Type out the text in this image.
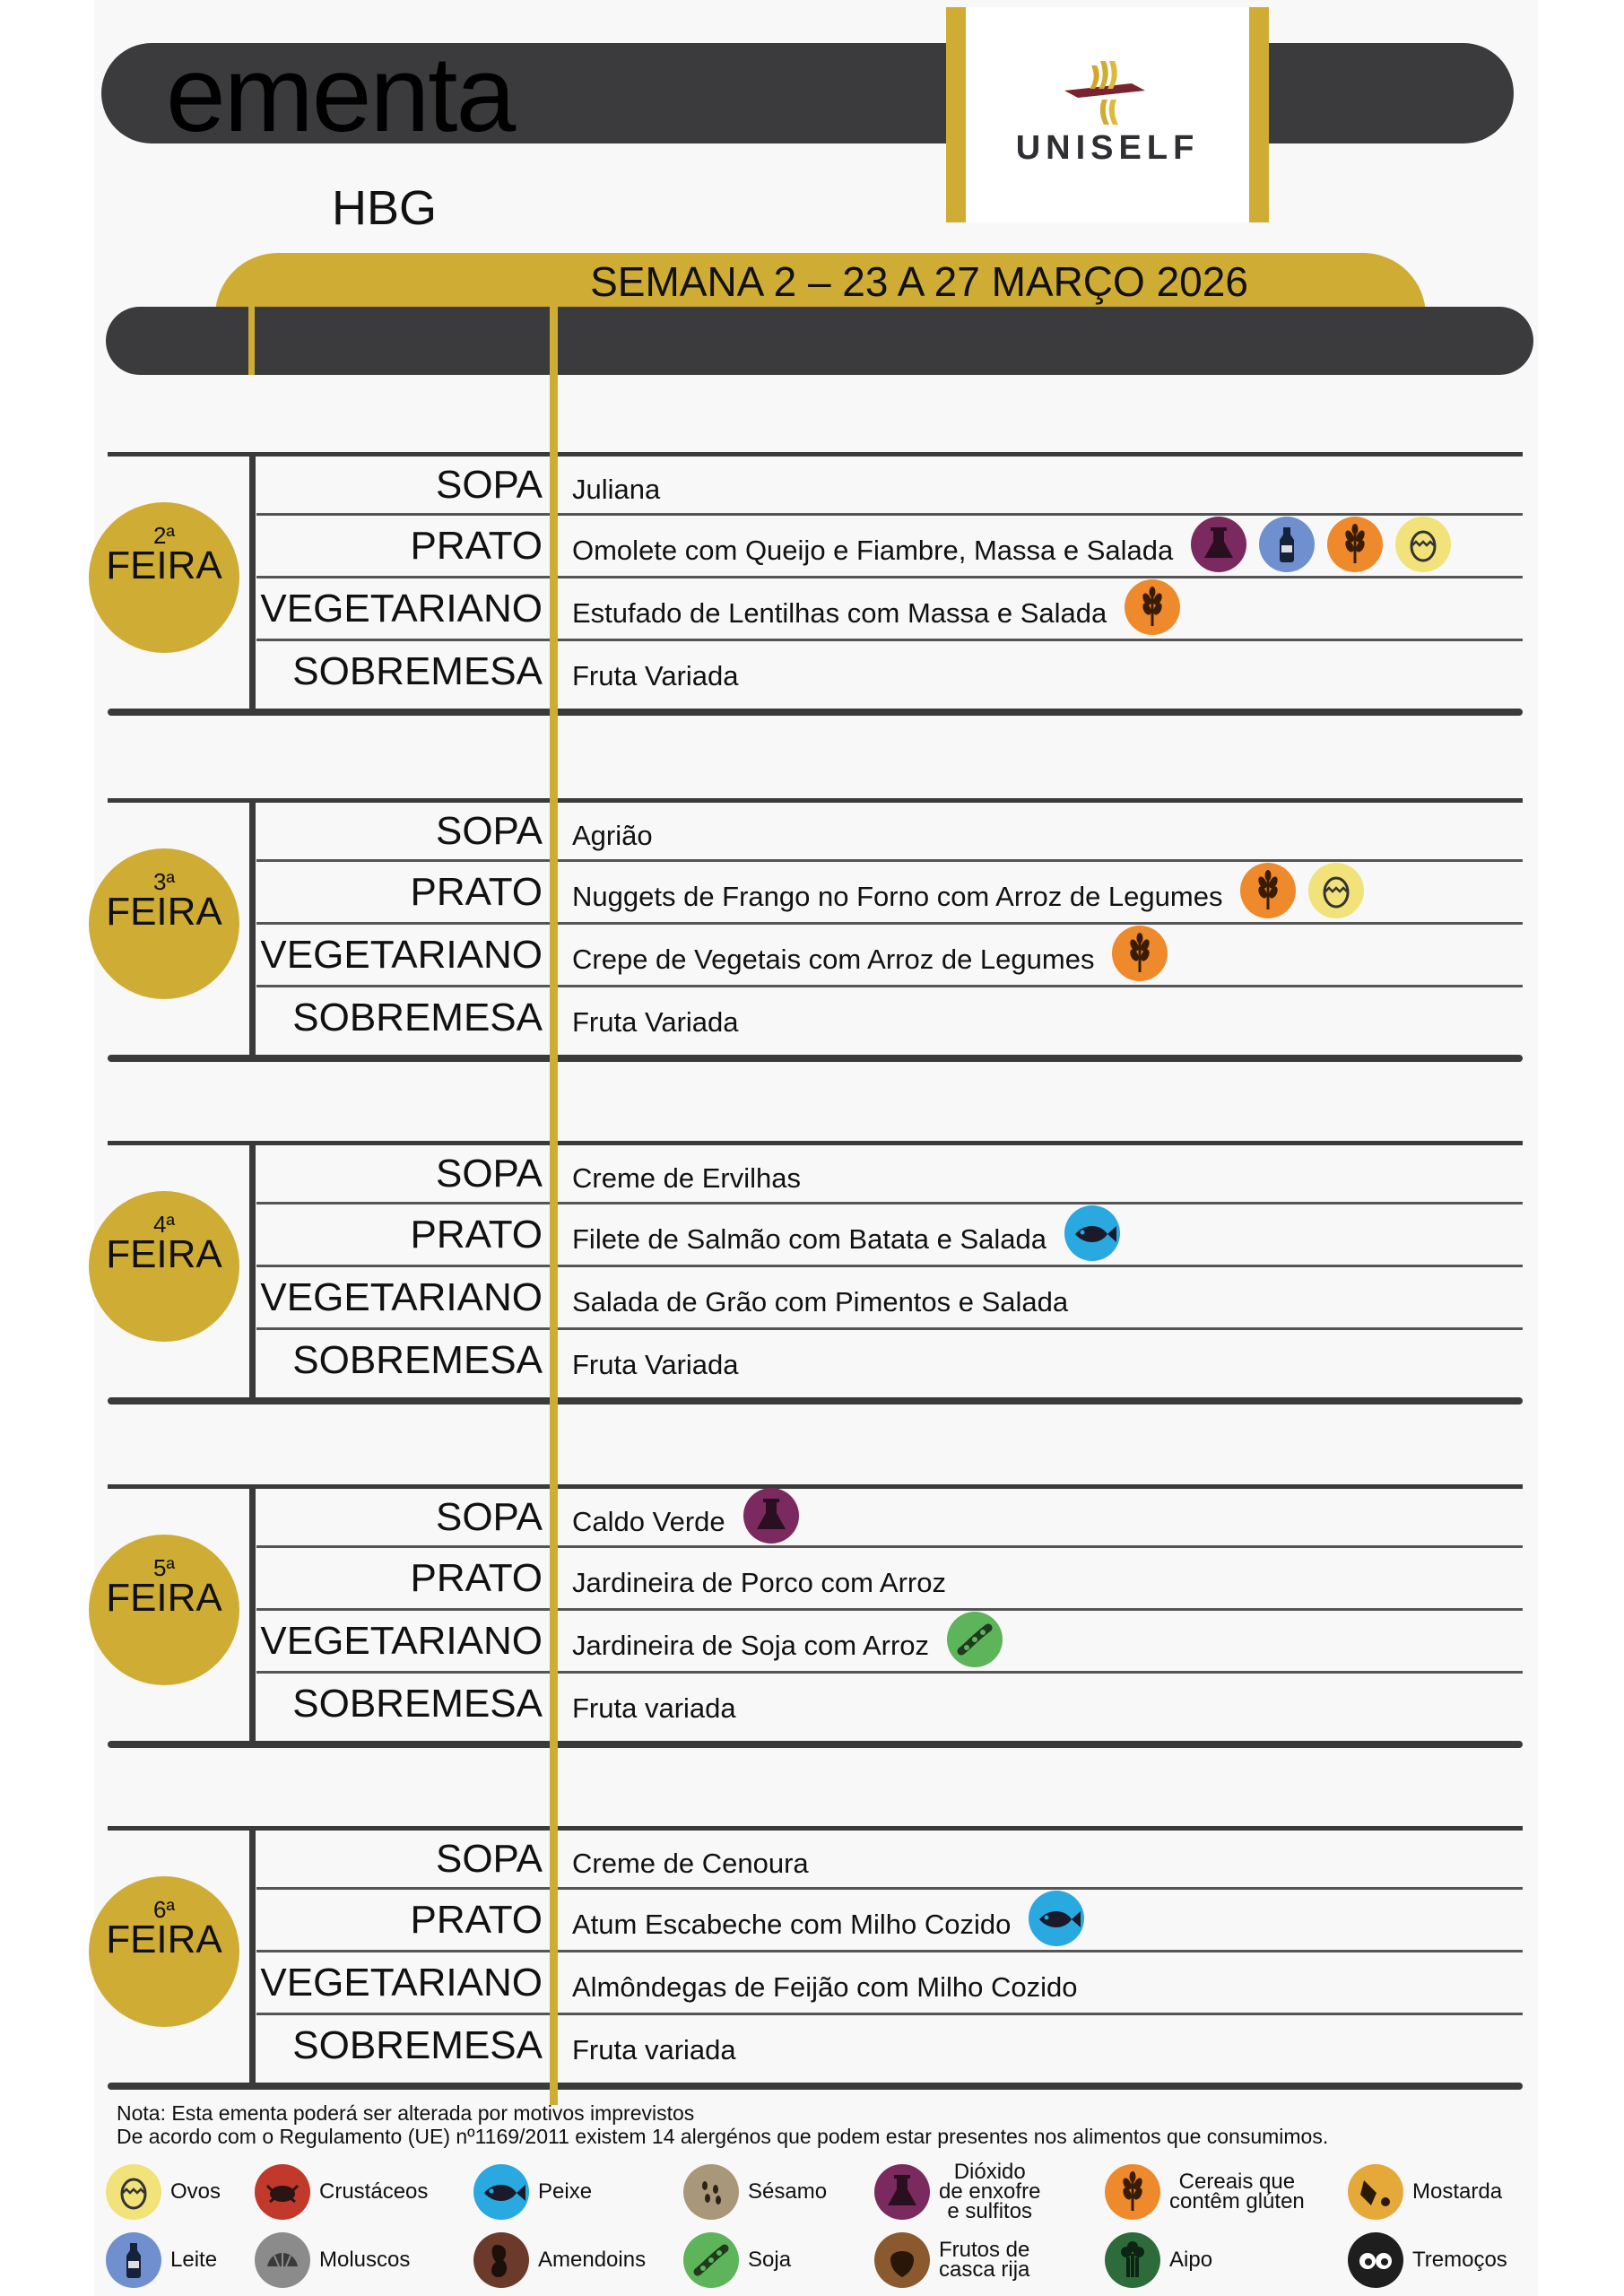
ementa	UNISELF
HBG
SEMANA 2 – 23 A 27 MARÇO 2026
2ª
FEIRA
SOPA Juliana
PRATO Omolete com Queijo e Fiambre, Massa e Salada
VEGETARIANO Estufado de Lentilhas com Massa e Salada
SOBREMESA Fruta Variada
3ª
FEIRA
SOPA Agrião
PRATO Nuggets de Frango no Forno com Arroz de Legumes
VEGETARIANO Crepe de Vegetais com Arroz de Legumes
SOBREMESA Fruta Variada
4ª
FEIRA
SOPA Creme de Ervilhas
PRATO Filete de Salmão com Batata e Salada
VEGETARIANO Salada de Grão com Pimentos e Salada
SOBREMESA Fruta Variada
5ª
FEIRA
SOPA Caldo Verde
PRATO Jardineira de Porco com Arroz
VEGETARIANO Jardineira de Soja com Arroz
SOBREMESA Fruta variada
6ª
FEIRA
SOPA Creme de Cenoura
PRATO Atum Escabeche com Milho Cozido
VEGETARIANO Almôndegas de Feijão com Milho Cozido
SOBREMESA Fruta variada
Nota: Esta ementa poderá ser alterada por motivos imprevistos
De acordo com o Regulamento (UE) nº1169/2011 existem 14 alergénos que podem estar presentes nos alimentos que consumimos.
Ovos	Crustáceos	Peixe	Sésamo
Dióxido
de enxofre
e sulfitos
Cereais que
contêm glúten	Mostarda
Leite	Moluscos	Amendoins	Soja	Frutos de
casca rija	Aipo	Tremoços
